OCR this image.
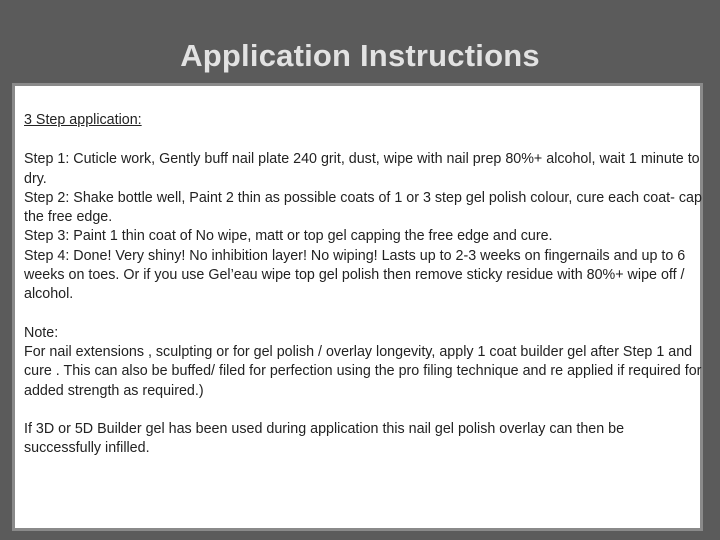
Application Instructions

3 Step application:

Step 1: Cuticle work, Gently buff nail plate 240 grit, dust, wipe with nail prep 80%+ alcohol, wait 1 minute to dry.

Step 2: Shake bottle well, Paint 2 thin as possible coats of 1 or 3 step gel polish colour, cure each coat- cap the free edge.

Step 3: Paint 1 thin coat of No wipe, matt or top gel capping the free edge and cure.

Step 4: Done! Very shiny! No inhibition layer! No wiping! Lasts up to 2-3 weeks on fingernails and up to 6 weeks on toes. Or if you use Gel’eau wipe top gel polish then remove sticky residue with 80%+ wipe off / alcohol.

Note:

For nail extensions , sculpting or for gel polish / overlay longevity, apply 1 coat builder gel after Step 1 and cure . This can also be buffed/ filed for perfection using the pro filing technique and re applied if required for added strength as required.)

If 3D or 5D Builder gel has been used during application this nail gel polish overlay can then be successfully infilled.
